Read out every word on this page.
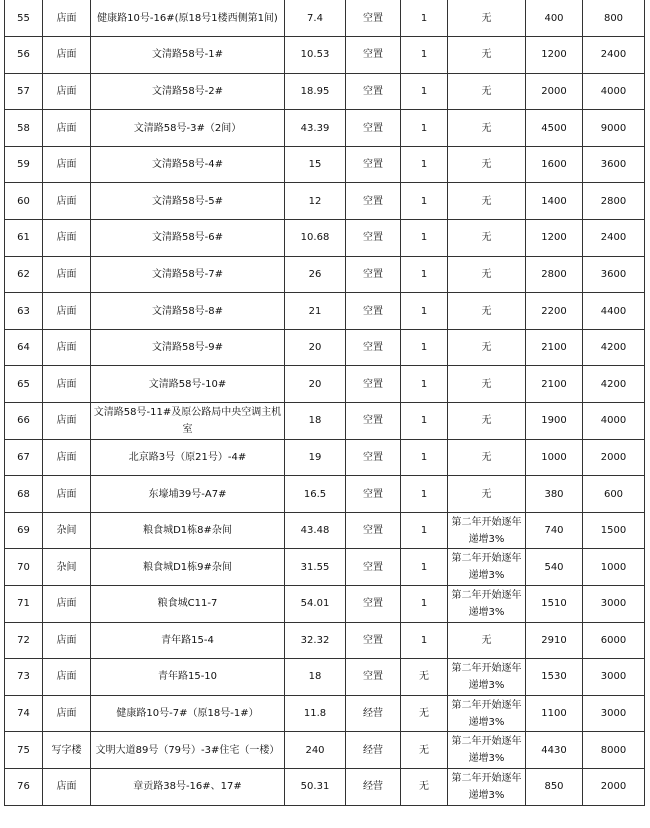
55	店面	健康路10号-16#(原18号1楼西侧第1间)	7.4	空置	1	无	400	800
56	店面	文清路58号-1#	10.53	空置	1	无	1200	2400
57	店面	文清路58号-2#	18.95	空置	1	无	2000	4000
58	店面	文清路58号-3#（2间）	43.39	空置	1	无	4500	9000
59	店面	文清路58号-4#	15	空置	1	无	1600	3600
60	店面	文清路58号-5#	12	空置	1	无	1400	2800
61	店面	文清路58号-6#	10.68	空置	1	无	1200	2400
62	店面	文清路58号-7#	26	空置	1	无	2800	3600
63	店面	文清路58号-8#	21	空置	1	无	2200	4400
64	店面	文清路58号-9#	20	空置	1	无	2100	4200
65	店面	文清路58号-10#	20	空置	1	无	2100	4200
66	店面	文清路58号-11#及原公路局中央空调主机室	18	空置	1	无	1900	4000
67	店面	北京路3号（原21号）-4#	19	空置	1	无	1000	2000
68	店面	东壕埔39号-A7#	16.5	空置	1	无	380	600
69	杂间	粮食城D1栋8#杂间	43.48	空置	1	第二年开始逐年递增3%	740	1500
70	杂间	粮食城D1栋9#杂间	31.55	空置	1	第二年开始逐年递增3%	540	1000
71	店面	粮食城C11-7	54.01	空置	1	第二年开始逐年递增3%	1510	3000
72	店面	青年路15-4	32.32	空置	1	无	2910	6000
73	店面	青年路15-10	18	空置	无	第二年开始逐年递增3%	1530	3000
74	店面	健康路10号-7#（原18号-1#）	11.8	经营	无	第二年开始逐年递增3%	1100	3000
75	写字楼	文明大道89号（79号）-3#住宅（一楼）	240	经营	无	第二年开始逐年递增3%	4430	8000
76	店面	章贡路38号-16#、17#	50.31	经营	无	第二年开始逐年递增3%	850	2000
